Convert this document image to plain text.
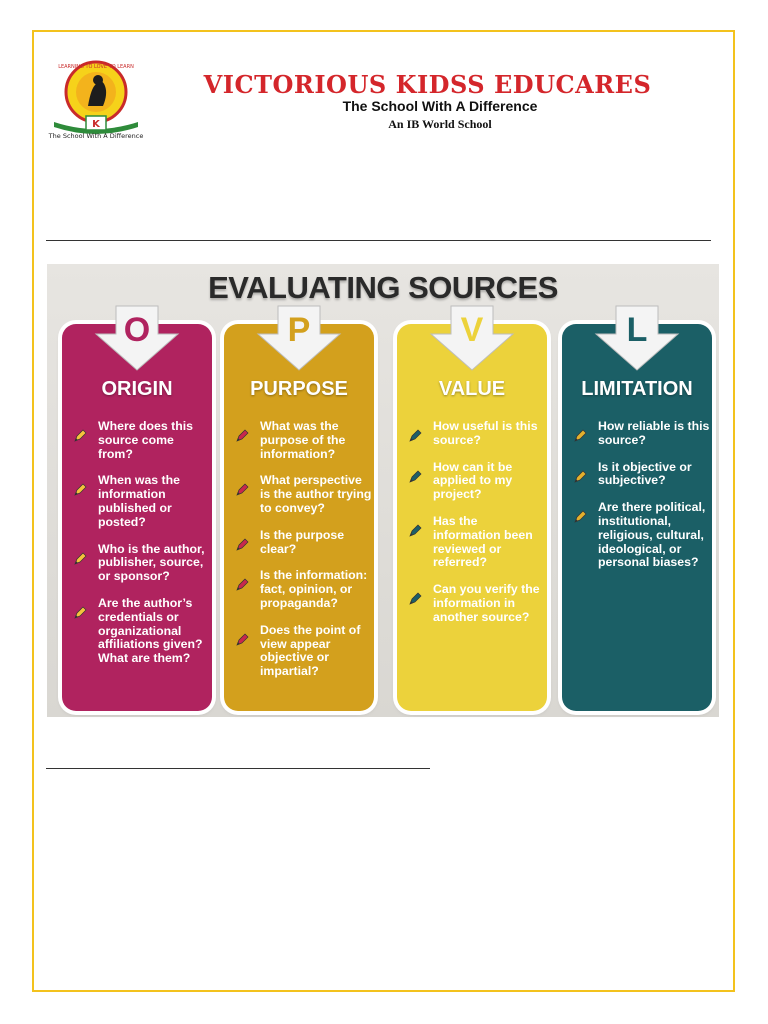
LEARNING TO LOVE TO LEARN
K
The School With A Difference
VICTORIOUS KIDSS EDUCARES
The School With A Difference
An IB World School
EVALUATING SOURCES
O
ORIGIN
Where does this source come from?
When was the information published or posted?
Who is the author, publisher, source, or sponsor?
Are the author’s credentials or organizational affiliations given? What are them?
P
PURPOSE
What was the purpose of the information?
What perspective is the author trying to convey?
Is the purpose clear?
Is the information: fact, opinion, or propaganda?
Does the point of view appear objective or impartial?
V
VALUE
How useful is this source?
How can it be applied to my project?
Has the information been reviewed or referred?
Can you verify the information in another source?
L
LIMITATION
How reliable is this source?
Is it objective or subjective?
Are there political, institutional, religious, cultural, ideological, or personal biases?
